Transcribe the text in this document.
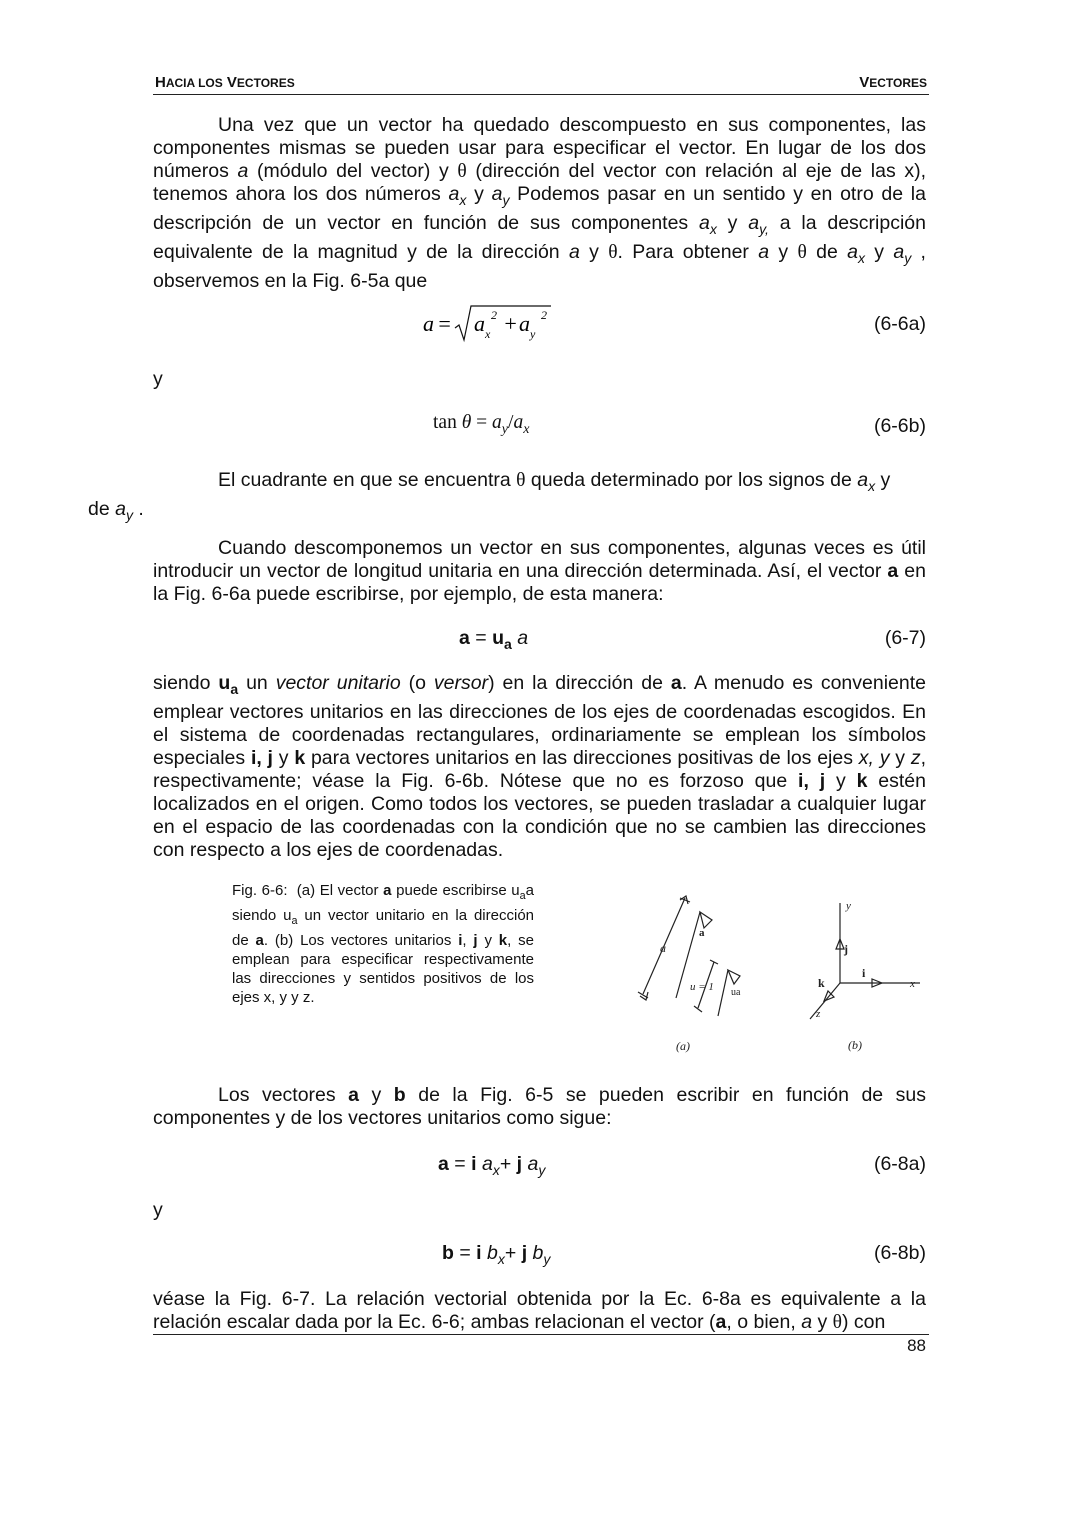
HACIA LOS VECTORES	VECTORES

Una vez que un vector ha quedado descompuesto en sus componentes, las componentes mismas se pueden usar para especificar el vector. En lugar de los dos números a (módulo del vector) y θ (dirección del vector con relación al eje de las x), tenemos ahora los dos números $a_x$ y $a_y$ Podemos pasar en un sentido y en otro de la descripción de un vector en función de sus componentes $a_x$ y $a_{y,}$ a la descripción equivalente de la magnitud y de la dirección a y θ. Para obtener a y θ de $a_x$ y $a_y$ , observemos en la Fig. 6-5a que

a = a x
2 + a y
2	(6-6a)
y
$\tan \theta = a_y/a_x$	(6-6b)

El cuadrante en que se encuentra θ queda determinado por los signos de $a_x$ y
de $a_y$ .

Cuando descomponemos un vector en sus componentes, algunas veces es útil introducir un vector de longitud unitaria en una dirección determinada. Así, el vector a en la Fig. 6-6a puede escribirse, por ejemplo, de esta manera:

$a = u_a$ a	(6-7)

siendo $u_a$ un vector unitario (o versor) en la dirección de a. A menudo es conveniente emplear vectores unitarios en las direcciones de los ejes de coordenadas escogidos. En el sistema de coordenadas rectangulares, ordinariamente se emplean los símbolos especiales i, j y k para vectores unitarios en las direcciones positivas de los ejes x, y y z, respectivamente; véase la Fig. 6-6b. Nótese que no es forzoso que i, j y k estén localizados en el origen. Como todos los vectores, se pueden trasladar a cualquier lugar en el espacio de las coordenadas con la condición que no se cambien las direcciones con respecto a los ejes de coordenadas.

Fig. 6-6:  (a) El vector a puede escribirse $u_aa$ siendo $u_a$ un vector unitario en la dirección de a. (b) Los vectores unitarios i, j y k, se emplean para especificar respectivamente las direcciones y sentidos positivos de los ejes x, y y z.

a
a
u = 1 ua
(a)
y
x
z
j
i
k
(b)

Los vectores a y b de la Fig. 6-5 se pueden escribir en función de sus componentes y de los vectores unitarios como sigue:

a = i $a_x+ j$ $a_y$	(6-8a)
y
b = i $b_x+ j$ $b_y$	(6-8b)

véase la Fig. 6-7. La relación vectorial obtenida por la Ec. 6-8a es equivalente a la relación escalar dada por la Ec. 6-6; ambas relacionan el vector (a, o bien, a y θ) con

88
